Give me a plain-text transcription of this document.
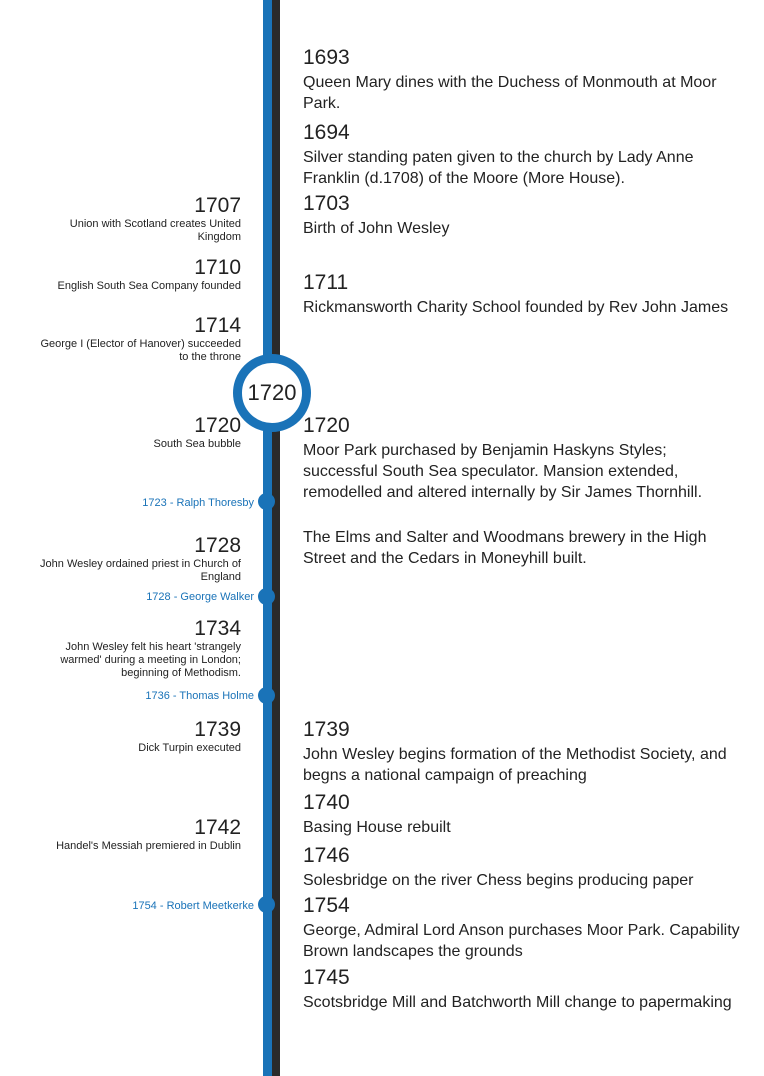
1720
1693
Queen Mary dines with the Duchess of Monmouth at Moor Park.
1694
Silver standing paten given to the church by Lady Anne Franklin (d.1708) of the Moore (More House).
1703
Birth of John Wesley
1711
Rickmansworth Charity School founded by Rev John James
1720
Moor Park purchased by Benjamin Haskyns Styles; successful South Sea speculator. Mansion extended, remodelled and altered internally by Sir James Thornhill.
The Elms and Salter and Woodmans brewery in the High Street and the Cedars in Moneyhill built.
1739
John Wesley begins formation of the Methodist Society, and begns a national campaign of preaching
1740
Basing House rebuilt
1746
Solesbridge on the river Chess begins producing paper
1754
George, Admiral Lord Anson purchases Moor Park. Capability Brown landscapes the grounds
1745
Scotsbridge Mill and Batchworth Mill change to papermaking
1707
Union with Scotland creates United Kingdom
1710
English South Sea Company founded
1714
George I (Elector of Hanover) succeeded to the throne
1720
South Sea bubble
1728
John Wesley ordained priest in Church of England
1734
John Wesley felt his heart 'strangely warmed' during a meeting in London; beginning of Methodism.
1739
Dick Turpin executed
1742
Handel's Messiah premiered in Dublin
1723 - Ralph Thoresby
1728 - George Walker
1736 - Thomas Holme
1754 - Robert Meetkerke
